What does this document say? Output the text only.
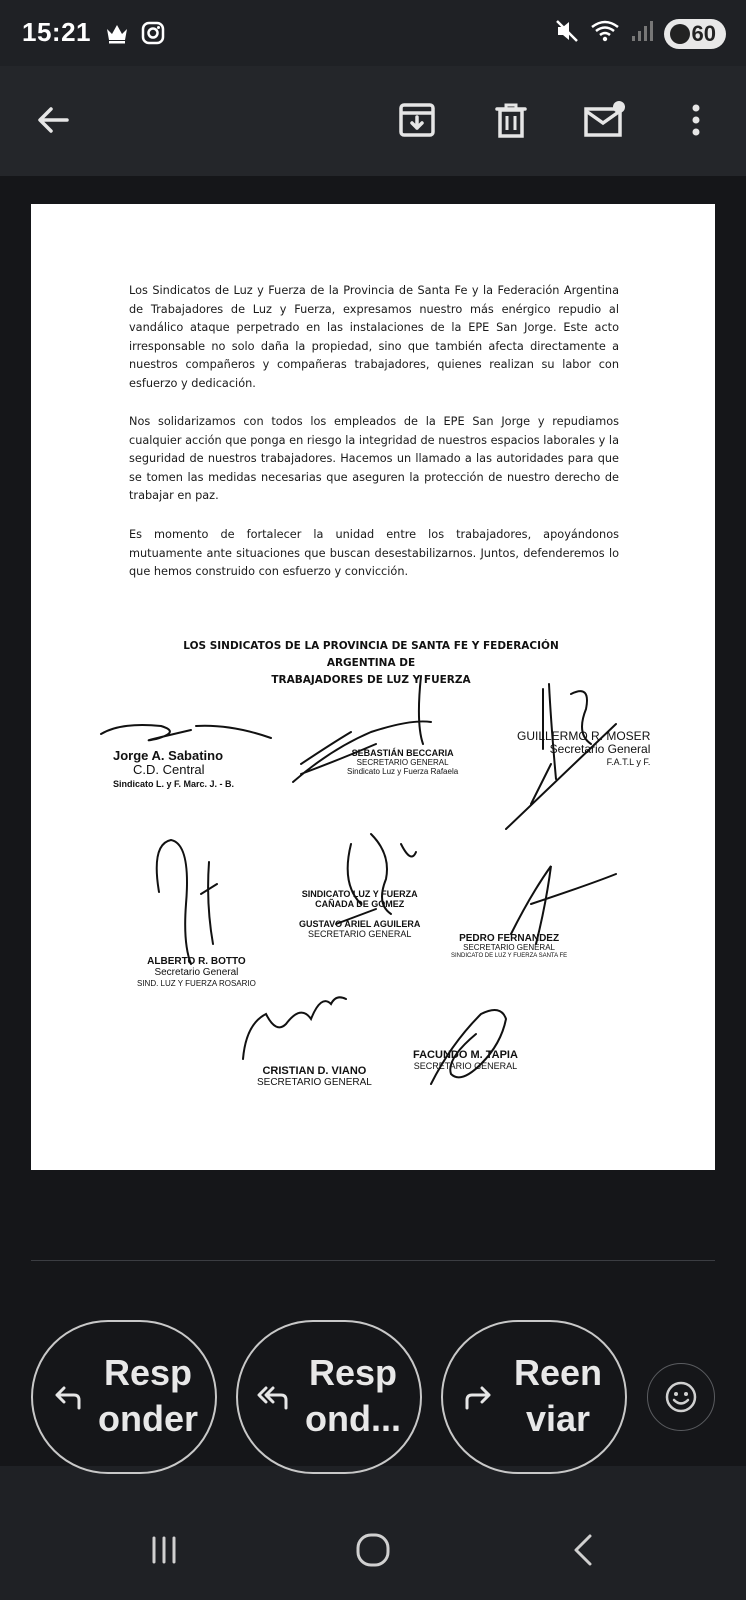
15:21	60

Los Sindicatos de Luz y Fuerza de la Provincia de Santa Fe y la Federación Argentina de Trabajadores de Luz y Fuerza, expresamos nuestro más enérgico repudio al vandálico ataque perpetrado en las instalaciones de la EPE San Jorge. Este acto irresponsable no solo daña la propiedad, sino que también afecta directamente a nuestros compañeros y compañeras trabajadores, quienes realizan su labor con esfuerzo y dedicación.

Nos solidarizamos con todos los empleados de la EPE San Jorge y repudiamos cualquier acción que ponga en riesgo la integridad de nuestros espacios laborales y la seguridad de nuestros trabajadores. Hacemos un llamado a las autoridades para que se tomen las medidas necesarias que aseguren la protección de nuestro derecho de trabajar en paz.

Es momento de fortalecer la unidad entre los trabajadores, apoyándonos mutuamente ante situaciones que buscan desestabilizarnos. Juntos, defenderemos lo que hemos construido con esfuerzo y convicción.

LOS SINDICATOS DE LA PROVINCIA DE SANTA FE Y FEDERACIÓN ARGENTINA DE
TRABAJADORES DE LUZ Y FUERZA
Jorge A. Sabatino
C.D. Central
Sindicato L. y F. Marc. J. - B.
SEBASTIÁN BECCARIA
SECRETARIO GENERAL
Sindicato Luz y Fuerza Rafaela
GUILLERMO R. MOSER
Secretario General
F.A.T.L y F.
ALBERTO R. BOTTO
Secretario General
SIND. LUZ Y FUERZA ROSARIO
SINDICATO LUZ Y FUERZA
CAÑADA DE GOMEZ
GUSTAVO ARIEL AGUILERA
SECRETARIO GENERAL	PEDRO FERNANDEZ
SECRETARIO GENERAL
SINDICATO DE LUZ Y FUERZA SANTA FE
CRISTIAN D. VIANO
SECRETARIO GENERAL
FACUNDO M. TAPIA
SECRETARIO GENERAL
Resp
onder
Resp
ond...
Reen
viar
